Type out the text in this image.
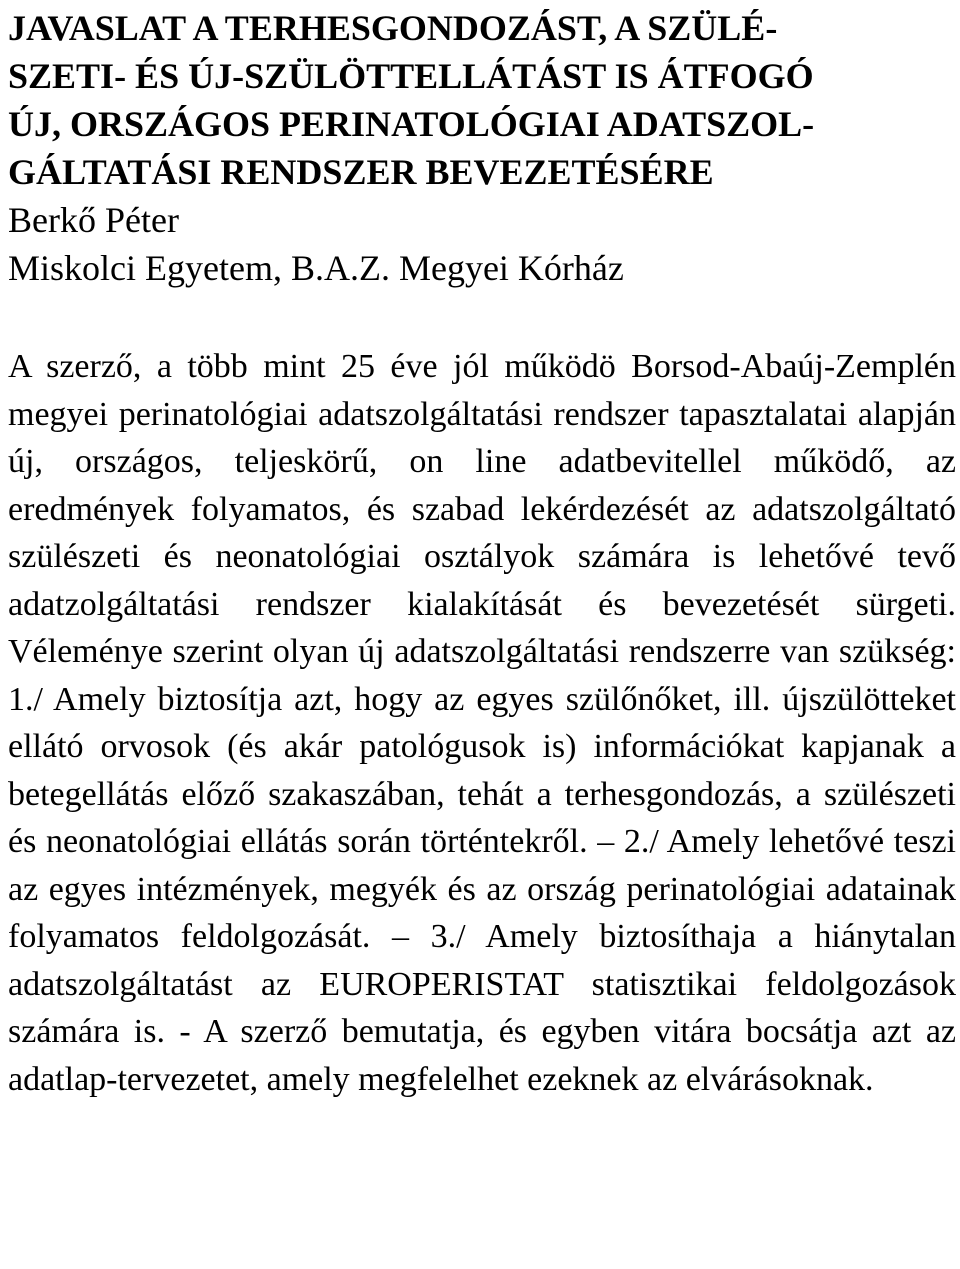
JAVASLAT A TERHESGONDOZÁST, A SZÜLÉ-
SZETI- ÉS ÚJ-SZÜLÖTTELLÁTÁST IS ÁTFOGÓ
ÚJ, ORSZÁGOS PERINATOLÓGIAI ADATSZOL-
GÁLTATÁSI RENDSZER BEVEZETÉSÉRE

Berkő Péter

Miskolci Egyetem, B.A.Z. Megyei Kórház

A szerző, a több mint 25 éve jól működö Borsod-Abaúj-Zemplén megyei perinatológiai adatszolgáltatási rendszer tapasztalatai alapján új, országos, teljeskörű, on line adatbevitellel működő, az eredmények folyamatos, és szabad lekérdezését az adatszolgáltató szülészeti és neonatológiai osztályok számára is lehetővé tevő adatzolgáltatási rendszer kialakítását és bevezetését sürgeti. Véleménye szerint olyan új adatszolgáltatási rendszerre van szükség: 1./ Amely biztosítja azt, hogy az egyes szülőnőket, ill. újszülötteket ellátó orvosok (és akár patológusok is) információkat kapjanak a betegellátás előző szakaszában, tehát a terhesgondozás, a szülészeti és neonatológiai ellátás során történtekről. – 2./ Amely lehetővé teszi az egyes intézmények, megyék és az ország perinatológiai adatainak folyamatos feldolgozását. – 3./ Amely biztosíthaja a hiánytalan adatszolgáltatást az EUROPERISTAT statisztikai feldolgozások számára is. - A szerző bemutatja, és egyben vitára bocsátja azt az adatlap-tervezetet, amely megfelelhet ezeknek az elvárásoknak.
